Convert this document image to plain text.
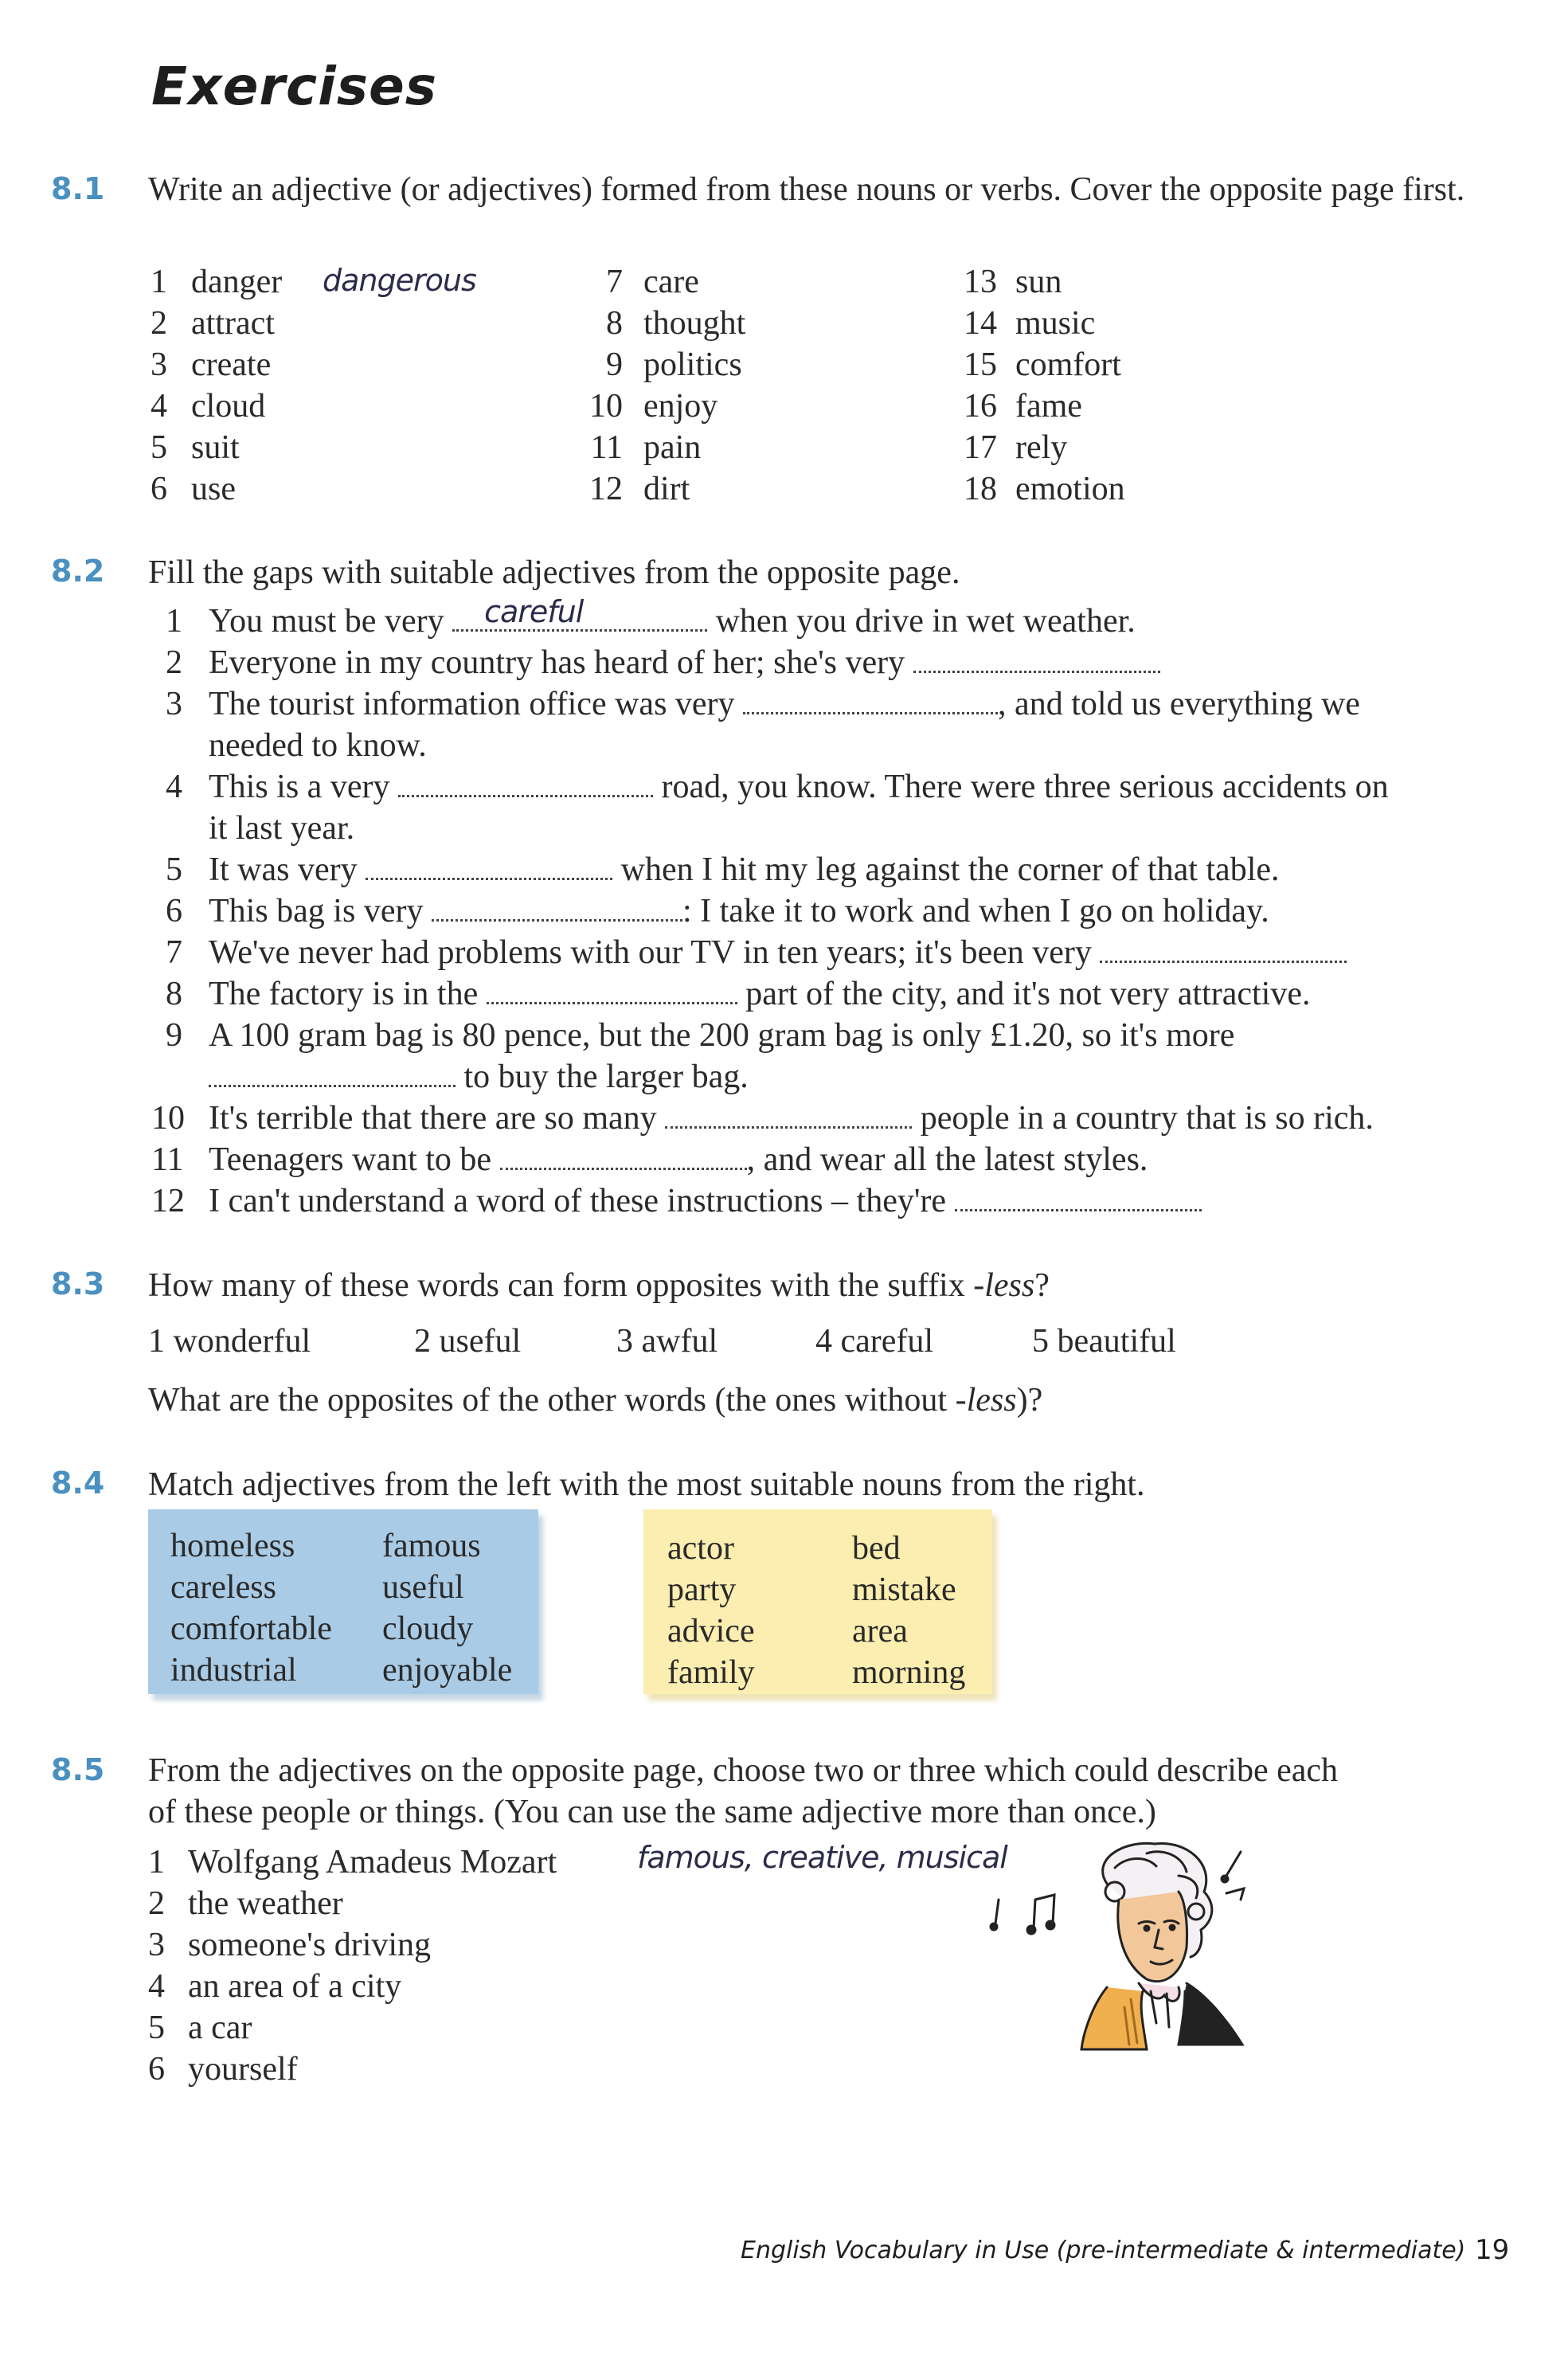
Exercises
8.1 Write an adjective (or adjectives) formed from these nouns or verbs. Cover the opposite page first.
1 danger dangerous
2 attract
3 create
4 cloud
5 suit
6 use
7 care
8 thought
9 politics
10 enjoy
11 pain
12 dirt
13 sun
14 music
15 comfort
16 fame
17 rely
18 emotion
8.2 Fill the gaps with suitable adjectives from the opposite page.
1 You must be very careful	when you drive in wet weather.
2 Everyone in my country has heard of her; she's very
3 The tourist information office was very	, and told us everything we
needed to know.
4 This is a very	road, you know. There were three serious accidents on
it last year.
5 It was very	when I hit my leg against the corner of that table.
6 This bag is very	: I take it to work and when I go on holiday.
7 We've never had problems with our TV in ten years; it's been very
8 The factory is in the	part of the city, and it's not very attractive.
9 A 100 gram bag is 80 pence, but the 200 gram bag is only £1.20, so it's more
to buy the larger bag.
10 It's terrible that there are so many	people in a country that is so rich.
11 Teenagers want to be	, and wear all the latest styles.
12 I can't understand a word of these instructions – they're
8.3 How many of these words can form opposites with the suffix -less?
1 wonderful	2 useful	3 awful	4 careful	5 beautiful
What are the opposites of the other words (the ones without -less)?
8.4 Match adjectives from the left with the most suitable nouns from the right.
homeless	famous
careless	useful
comfortable cloudy
industrial	enjoyable
actor	bed
party	mistake
advice	area
family	morning
8.5 From the adjectives on the opposite page, choose two or three which could describe each
of these people or things. (You can use the same adjective more than once.)
1 Wolfgang Amadeus Mozart	famous, creative, musical
2 the weather
3 someone's driving
4 an area of a city
5 a car
6 yourself
English Vocabulary in Use (pre-intermediate & intermediate) 19
